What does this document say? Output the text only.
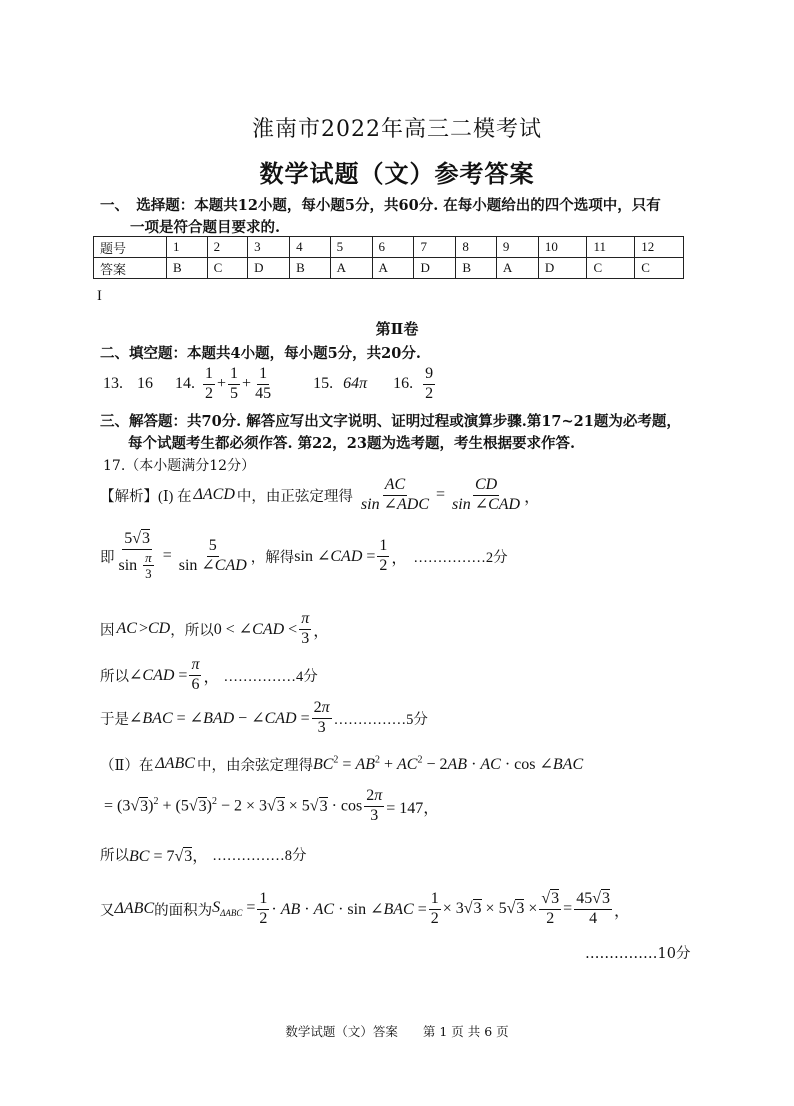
淮南市2022年高三二模考试
数学试题（文）参考答案
一、　选择题：本题共12小题，每小题5分，共60分. 在每小题给出的四个选项中，只有
一项是符合题目要求的.
题号	1	2	3	4	5	6	7	8	9	10	11	12
答案	B	C	D	B	A	A	D	B	A	D	C	C
I
第Ⅱ卷
二、填空题：本题共4小题，每小题5分，共20分.
13. 16 14. $\frac{1}{2} + \frac{1}{5} + \frac{1}{45}$	15. 64π 16. $\frac{9}{2}$
三、解答题：共70分. 解答应写出文字说明、证明过程或演算步骤.第17~21题为必考题，
每个试题考生都必须作答. 第22，23题为选考题，考生根据要求作答.
17.（本小题满分12分）
【解析】(Ⅰ) 在 ΔACD 中，由正弦定理得 $\frac{AC}{\text{sin ∠ADC}} = \frac{CD}{\text{sin ∠CAD}}$ ，
即 $\frac{5√3}{\sin \frac{\pi}{3}} = \frac{5}{\text{sin ∠CAD}}$ ，解得 sin ∠CAD = $\frac{1}{2}$ ， ……………2分
因 AC > CD ，所以 0 < ∠CAD < $\frac{\pi}{3}$ ，
所以 ∠CAD = $\frac{\pi}{6}$ ， ……………4分
于是 ∠BAC = ∠BAD − ∠CAD = $\frac{2\pi}{3}$ ……………5分
（Ⅱ）在 ΔABC 中，由余弦定理得 $BC^2 = AB^2 + AC^2 - 2AB$ · AC · cos ∠BAC
= $(3√3)^2 + (5√3)^2 - 2 \times 3√3 \times 5√3 \cdot \cos \frac{2\pi}{3} = 147$，
所以 BC = 7√3， ……………8分
又 ΔABC 的面积为 $S_{\Delta ABC} = \frac{1}{2}$ · AB · AC · sin ∠BAC = $\frac{1}{2} \times 3√3 \times 5√3 \times \frac{√3}{2} = \frac{45√3}{4}$ ，
……………10分
数学试题（文）答案　　第 1 页 共 6 页
